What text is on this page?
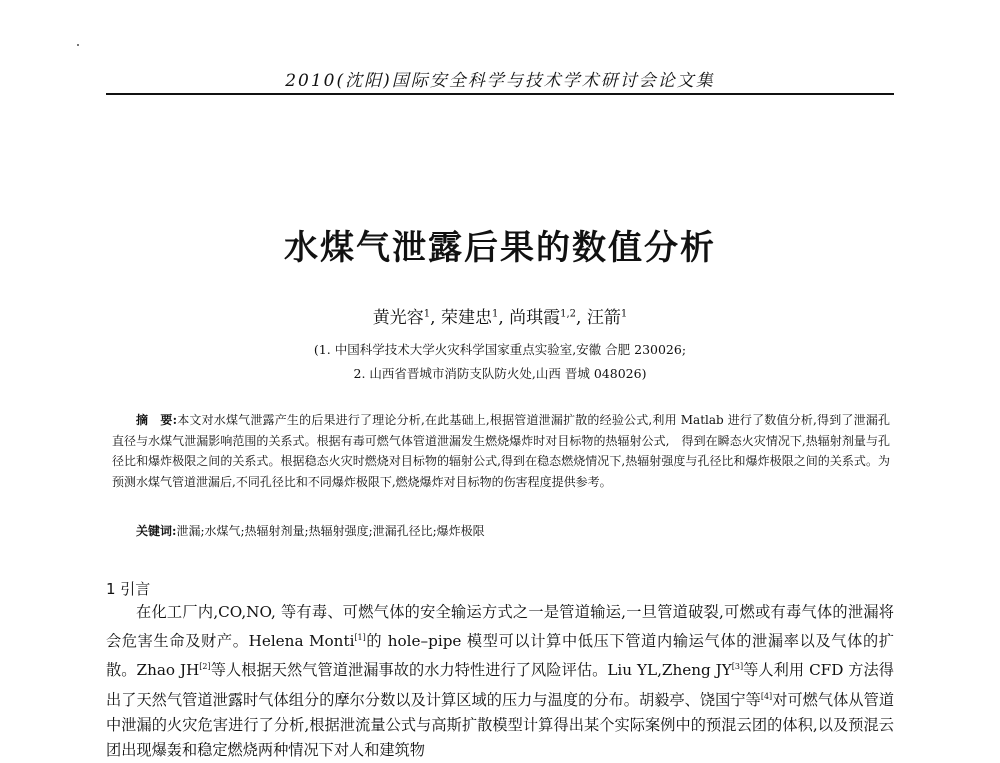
2010(沈阳)国际安全科学与技术学术研讨会论文集
水煤气泄露后果的数值分析
黄光容$^1$, 荣建忠$^1$, 尚琪霞$^{1,2}$, 汪箭$^1$
(1. 中国科学技术大学火灾科学国家重点实验室,安徽 合肥 230026;
2. 山西省晋城市消防支队防火处,山西 晋城 048026)
摘　要:本文对水煤气泄露产生的后果进行了理论分析,在此基础上,根据管道泄漏扩散的经验公式,利用 Matlab 进行了数值分析,得到了泄漏孔直径与水煤气泄漏影响范围的关系式。根据有毒可燃气体管道泄漏发生燃烧爆炸时对目标物的热辐射公式,　得到在瞬态火灾情况下,热辐射剂量与孔径比和爆炸极限之间的关系式。根据稳态火灾时燃烧对目标物的辐射公式,得到在稳态燃烧情况下,热辐射强度与孔径比和爆炸极限之间的关系式。为预测水煤气管道泄漏后,不同孔径比和不同爆炸极限下,燃烧爆炸对目标物的伤害程度提供参考。
关键词:泄漏;水煤气;热辐射剂量;热辐射强度;泄漏孔径比;爆炸极限
1 引言
在化工厂内,CO,NO, 等有毒、可燃气体的安全输运方式之一是管道输运,一旦管道破裂,可燃或有毒气体的泄漏将会危害生命及财产。Helena Monti[1]的 hole–pipe 模型可以计算中低压下管道内输运气体的泄漏率以及气体的扩散。Zhao JH[2]等人根据天然气管道泄漏事故的水力特性进行了风险评估。Liu YL,Zheng JY[3]等人利用 CFD 方法得出了天然气管道泄露时气体组分的摩尔分数以及计算区域的压力与温度的分布。胡毅亭、饶国宁等[4]对可燃气体从管道中泄漏的火灾危害进行了分析,根据泄流量公式与高斯扩散模型计算得出某个实际案例中的预混云团的体积,以及预混云团出现爆轰和稳定燃烧两种情况下对人和建筑物
